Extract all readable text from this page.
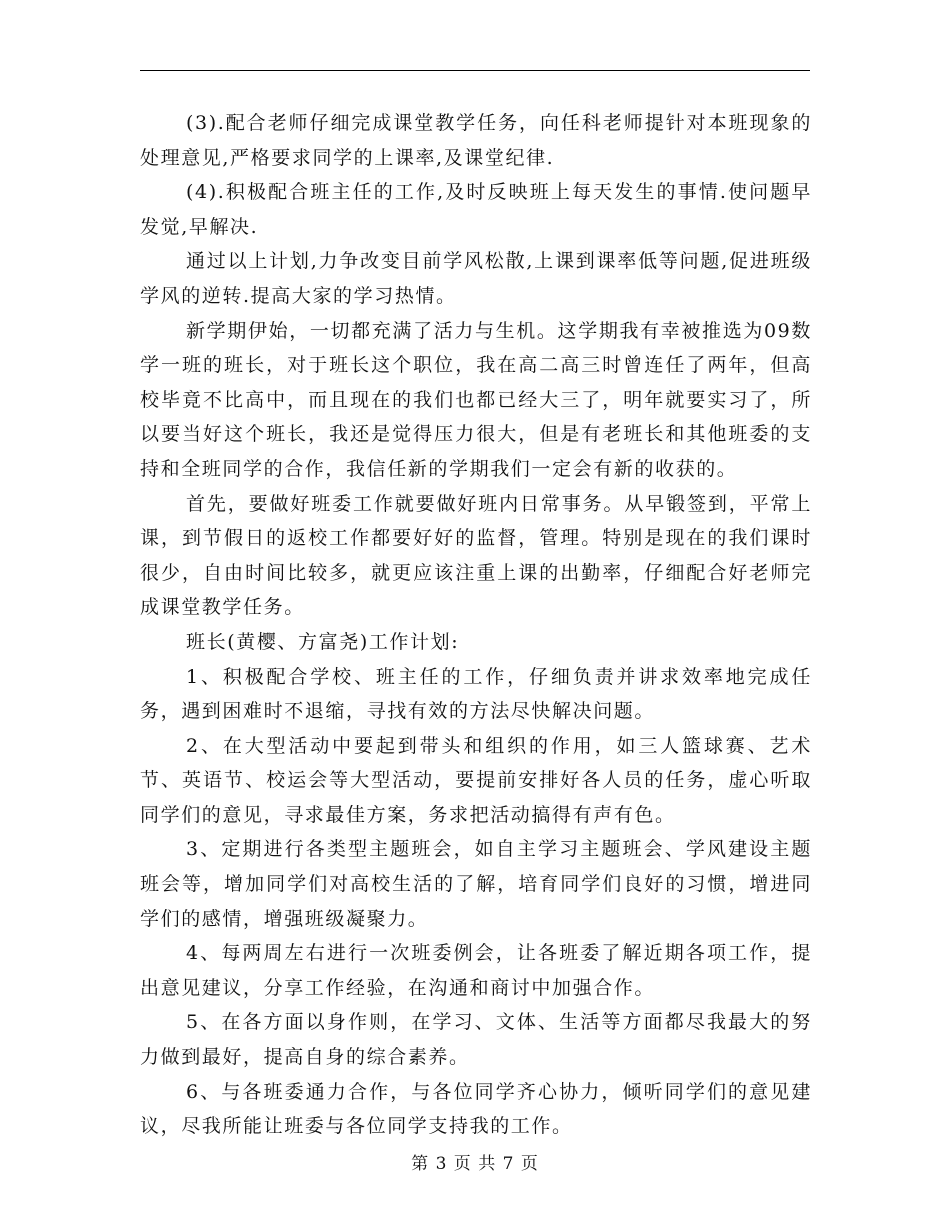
(3).配合老师仔细完成课堂教学任务，向任科老师提针对本班现象的处理意见,严格要求同学的上课率,及课堂纪律.

(4).积极配合班主任的工作,及时反映班上每天发生的事情.使问题早发觉,早解决.

通过以上计划,力争改变目前学风松散,上课到课率低等问题,促进班级学风的逆转.提高大家的学习热情。

新学期伊始，一切都充满了活力与生机。这学期我有幸被推选为09数学一班的班长，对于班长这个职位，我在高二高三时曾连任了两年，但高校毕竟不比高中，而且现在的我们也都已经大三了，明年就要实习了，所以要当好这个班长，我还是觉得压力很大，但是有老班长和其他班委的支持和全班同学的合作，我信任新的学期我们一定会有新的收获的。

首先，要做好班委工作就要做好班内日常事务。从早锻签到，平常上课，到节假日的返校工作都要好好的监督，管理。特别是现在的我们课时很少，自由时间比较多，就更应该注重上课的出勤率，仔细配合好老师完成课堂教学任务。

班长(黄樱、方富尧)工作计划:

1、积极配合学校、班主任的工作，仔细负责并讲求效率地完成任务，遇到困难时不退缩，寻找有效的方法尽快解决问题。

2、在大型活动中要起到带头和组织的作用，如三人篮球赛、艺术节、英语节、校运会等大型活动，要提前安排好各人员的任务，虚心听取同学们的意见，寻求最佳方案，务求把活动搞得有声有色。

3、定期进行各类型主题班会，如自主学习主题班会、学风建设主题班会等，增加同学们对高校生活的了解，培育同学们良好的习惯，增进同学们的感情，增强班级凝聚力。

4、每两周左右进行一次班委例会，让各班委了解近期各项工作，提出意见建议，分享工作经验，在沟通和商讨中加强合作。

5、在各方面以身作则，在学习、文体、生活等方面都尽我最大的努力做到最好，提高自身的综合素养。

6、与各班委通力合作，与各位同学齐心协力，倾听同学们的意见建议，尽我所能让班委与各位同学支持我的工作。

第 3 页 共 7 页
